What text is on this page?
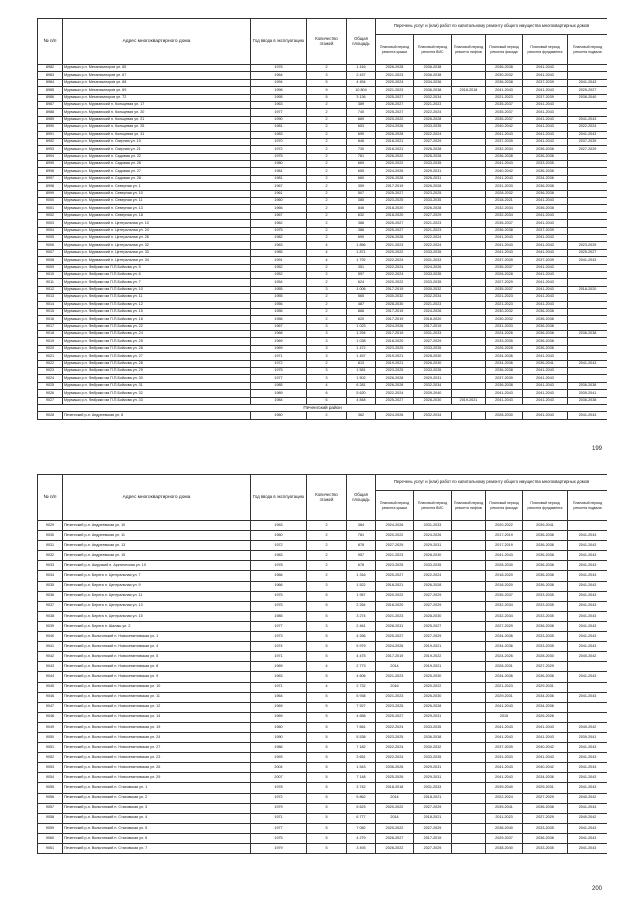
№ п/п	Адрес многоквартирного дома	Год ввода в эксплуатацию	Количество этажей	Общая площадь	Перечень услуг и (или) работ по капитальному ремонту общего имущества многоквартирных домов					
					Плановый период ремонта крыши	Плановый период ремонта ВИС	Плановый период ремонта лифтов	Плановый период ремонта фасада	Плановый период ремонта фундамента	Плановый период ремонта подвала
8982	Мурмаши р.п. Механизаторов ул. 65	1976	2	1 416	2026-2028	2036-2038		2036-2038	2041-2043	
8983	Мурмаши р.п. Механизаторов ул. 67	1964	3	2 437	2021-2023	2036-2038		2030-2032	2041-2043	
8984	Мурмаши р.п. Механизаторов ул. 68	1994	5	4 454	2020-2024	2034-2036		2036-2038	2037-2039	2041-2043
8985	Мурмаши р.п. Механизаторов ул. 69	1996	9	10 804	2021-2023	2036-2038	2018-2018	2041-2043	2041-2043	2025-2027
8986	Мурмаши р.п. Механизаторов ул. 72	1995	5	3 136	2025-2027	2032-2034		2021-2023	2037-2039	2038-2040
8987	Мурмаши р.п. Мурманский п. Кольцевая ул. 17	1963	2	389	2026-2027	2021-2023		2035-2037	2041-2043	
8988	Мурмаши р.п. Мурманский п. Кольцевая ул. 20	1977	2	740	2025-2027	2022-2024		2035-2037	2041-2043	
8989	Мурмаши р.п. Мурманский п. Кольцевая ул. 21	1990	2	669	2020-2022	2026-2028		2035-2037	2041-2043	2041-2043
8990	Мурмаши р.п. Мурманский п. Кольцевая ул. 25	1981	2	653	2024-2026	2033-2035		2040-2042	2041-2043	2022-2024
8991	Мурмаши р.п. Мурманский п. Кольцевая ул. 31	1983	2	690	2026-2028	2022-2024		2041-2043	2041-2043	2041-2043
8992	Мурмаши р.п. Мурманский п. Озерная ул. 10	1970	2	846	2018-2021	2027-2029		2037-2039	2041-2043	2037-2039
8993	Мурмаши р.п. Мурманский п. Озерная ул. 21	1972	2	730	2018-2021	2026-2028		2032-2034	2036-2038	2027-2029
8994	Мурмаши р.п. Мурманский п. Садовая ул. 22	1975	2	781	2026-2022	2026-2028		2036-2038	2036-2038	
8995	Мурмаши р.п. Мурманский п. Садовая ул. 26	1980	2	669	2020-2022	2033-2035		2041-2043	2033-2035	
8996	Мурмаши р.п. Мурманский п. Садовая ул. 27	1981	2	655	2024-2026	2029-2031		2040-2042	2036-2038	
8997	Мурмаши р.п. Мурманский п. Садовая ул. 28	1981	2	660	2026-2028	2026-2031		2041-2043	2034-2036	
8998	Мурмаши р.п. Мурманский п. Северная ул. 1	1967	2	359	2017-2019	2026-2028		2031-2033	2036-2038	
8999	Мурмаши р.п. Мурманский п. Северная ул. 10	1961	2	507	2025-2027	2023-2025		2028-2032	2036-2038	
9000	Мурмаши р.п. Мурманский п. Северная ул. 11	1960	2	385	2023-2025	2033-2035		2018-2021	2041-2043	
9001	Мурмаши р.п. Мурманский п. Северная ул. 13	1966	2	846	2018-2020	2026-2028		2032-2034	2036-2038	
9002	Мурмаши р.п. Мурманский п. Северная ул. 18	1967	2	632	2018-2020	2027-2029		2032-2034	2041-2043	
9003	Мурмаши р.п. Мурманский п. Центральная ул. 10	1962	2	388	2025-2027	2021-2023		2035-2037	2041-2043	
9004	Мурмаши р.п. Мурманский п. Центральная ул. 24	1975	2	388	2025-2027	2021-2023		2036-2038	2037-2039	
9005	Мурмаши р.п. Мурманский п. Центральная ул. 26	1982	2	690	2026-2028	2022-2024		2041-2043	2041-2043	
9006	Мурмаши р.п. Мурманский п. Центральная ул. 32	1963	4	1 856	2021-2023	2022-2024		2041-2043	2041-2043	2023-2025
9007	Мурмаши р.п. Мурманский п. Центральная ул. 33	1985	4	1 871	2020-2022	2033-2035		2041-2043	2041-2043	2025-2027
9008	Мурмаши р.п. Мурманский п. Центральная ул. 34	1991	4	1 792	2022-2024	2031-2033		2037-2039	2037-2039	2041-2043
9009	Мурмаши р.п. Фабрики им П.П.Бойкова ул. 5	1952	2	351	2022-2024	2024-2026		2035-2037	2041-2043	
9010	Мурмаши р.п. Фабрики им П.П.Бойкова ул. 6	1952	2	597	2022-2024	2033-2035		2026-2028	2041-2043	
9011	Мурмаши р.п. Фабрики им П.П.Бойкова ул. 7	1954	2	624	2020-2022	2033-2035		2027-2029	2041-2043	
9012	Мурмаши р.п. Фабрики им П.П.Бойкова ул. 10	1955	3	1 006	2017-2019	2030-2032		2035-2037	2041-2043	2018-2020
9013	Мурмаши р.п. Фабрики им П.П.Бойкова ул. 11	1955	2	565	2030-2032	2032-2034		2021-2023	2041-2043	
9014	Мурмаши р.п. Фабрики им П.П.Бойкова ул. 12	1956	2	487	2028-2030	2021-2023		2021-2023	2041-2043	
9015	Мурмаши р.п. Фабрики им П.П.Бойкова ул. 15	1956	2	868	2017-2019	2024-2026		2030-2032	2036-2038	
9016	Мурмаши р.п. Фабрики им П.П.Бойкова ул. 18	1956	2	620	2017-2019	2018-2020		2030-2032	2036-2038	
9017	Мурмаши р.п. Фабрики им П.П.Бойкова ул. 22	1967	3	1 023	2024-2026	2017-2019		2031-2033	2036-2038	
9018	Мурмаши р.п. Фабрики им П.П.Бойкова ул. 24	1968	3	1 294	2017-2019	2031-2033		2024-2026	2036-2038	2036-2038
9019	Мурмаши р.п. Фабрики им П.П.Бойкова ул. 25	1969	3	1 038	2018-2020	2027-2029		2033-2035	2036-2038	
9020	Мурмаши р.п. Фабрики им П.П.Бойкова ул. 26	1969	3	1 472	2023-2025	2033-2035		2026-2028	2036-2038	
9021	Мурмаши р.п. Фабрики им П.П.Бойкова ул. 27	1971	3	1 457	2019-2021	2028-2030		2034-2036	2041-2043	
9022	Мурмаши р.п. Фабрики им П.П.Бойкова ул. 28	1972	2	813	2019-2021	2026-2030		2034-2036	2036-2041	2041-2043
9023	Мурмаши р.п. Фабрики им П.П.Бойкова ул. 29	1975	3	1 581	2023-2025	2033-2035		2036-2038	2041-2043	
9024	Мурмаши р.п. Фабрики им П.П.Бойкова ул. 30	1977	3	1 502	2026-2028	2029-2031		2037-2039	2041-2043	
9025	Мурмаши р.п. Фабрики им П.П.Бойкова ул. 31	1985	4	6 281	2026-2028	2032-2034		2036-2038	2041-2043	2036-2038
9026	Мурмаши р.п. Фабрики им П.П.Бойкова ул. 32	1989	6	5 620	2022-2024	2039-2040		2041-2043	2041-2043	2039-2041
9027	Мурмаши р.п. Фабрики им П.П.Бойкова ул. 33	1984	6	4 848	2025-2027	2028-2030	2019-2021	2041-2043	2041-2043	2036-2038
Печенгский район										
9028	Печенгский р-н. Андреевская ул. 8	1960	2	362	2024-2026	2032-2034		2028-2030	2041-2043	2041-2043
199
№ п/п	Адрес многоквартирного дома	Год ввода в эксплуатацию	Количество этажей	Общая площадь	Перечень услуг и (или) работ по капитальному ремонту общего имущества многоквартирных домов					
					Плановый период ремонта крыши	Плановый период ремонта ВИС	Плановый период ремонта лифтов	Плановый период ремонта фасада	Плановый период ремонта фундамента	Плановый период ремонта подвала
9029	Печенгский р-н. Андреевская ул. 10	1953	2	384	2024-2026	2031-2033		2020-2022	2039-2041	
9030	Печенгский р-н. Андреевская ул. 11	1960	2	781	2020-2022	2024-2026		2017-2019	2036-2038	2041-2043
9031	Печенгский р-н. Андреевская ул. 13	1972	2	878	2027-2029	2029-2031		2017-2019	2036-2038	2041-2043
9032	Печенгский р-н. Андреевская ул. 15	1983	2	957	2021-2023	2028-2030		2041-2043	2036-2038	2041-2043
9033	Печенгский р-н. Амурский п. Арктическая ул. 10	1978	2	678	2023-2025	2033-2035		2028-2030	2036-2038	2041-2043
9034	Печенгский р-н. Берега п. Центральная ул. 7	1966	2	1 316	2025-2027	2022-2024		2018-2020	2036-2038	2041-2043
9035	Печенгский р-н. Берега п. Центральная ул. 9	1966	3	1 522	2018-2021	2026-2028		2018-2020	2036-2038	2041-2043
9036	Печенгский р-н. Берега п. Центральная ул. 11	1975	5	1 957	2020-2022	2027-2029		2035-2037	2033-2035	2041-2043
9037	Печенгский р-н. Берега п. Центральная ул. 13	1975	5	2 264	2018-2020	2027-2029		2032-2034	2033-2035	2041-2043
9038	Печенгский р-н. Берега п. Центральная ул. 15	1985	5	3 274	2021-2023	2028-2030		2032-2034	2033-2035	2041-2043
9039	Печенгский р-н. Берега п. Шалаш ул. 2	1977	3	2 461	2028-2031	2025-2027		2027-2029	2036-2038	2041-2043
9040	Печенгский р-н. Вольгинский п. Новосеменовская ул. 1	1973	5	4 266	2025-2027	2027-2029		2034-2036	2033-2035	2041-2043
9041	Печенгский р-н. Вольгинский п. Новосеменовская ул. 4	1974	5	5 979	2024-2026	2019-2021		2034-2036	2033-2035	2041-2043
9042	Печенгский р-н. Вольгинский п. Новосеменовская ул. 5	1971	5	4 475	2017-2019	2019-2022		2024-2026	2028-2030	2040-2042
9043	Печенгский р-н. Вольгинский п. Новосеменовская ул. 8	1969	4	2 773	2014	2019-2021		2028-2031	2027-2029	
9044	Печенгский р-н. Вольгинский п. Новосеменовская ул. 9	1963	5	4 606	2021-2023	2025-2030		2034-2036	2036-2038	2041-2043
9045	Печенгский р-н. Вольгинский п. Новосеменовская ул. 10	1971	4	2 732	2016	2020-2022		2021-2023	2029-2031	
9046	Печенгский р-н. Вольгинский п. Новосеменовская ул. 11	1964	5	5 938	2021-2023	2026-2030		2029-2031	2034-2036	2041-2043
9047	Печенгский р-н. Вольгинский п. Новосеменовская ул. 12	1969	5	7 927	2023-2025	2026-2028		2041-2043	2034-2036	
9048	Печенгский р-н. Вольгинский п. Новосеменовская ул. 14	1969	5	4 658	2025-2027	2029-2031		2015	2026-2028	
9049	Печенгский р-н. Вольгинский п. Новосеменовская ул. 19	1960	5	7 661	2022-2024	2033-2035		2041-2043	2041-2043	2040-2042
9050	Печенгский р-н. Вольгинский п. Новосеменовская ул. 24	1990	5	5 538	2023-2025	2036-2038		2041-2043	2041-2043	2039-2041
9051	Печенгский р-н. Вольгинский п. Новосеменовская ул. 27	1986	5	7 182	2022-2024	2030-2032		2037-2039	2040-2042	2041-2043
9052	Печенгский р-н. Вольгинский п. Новосеменовская ул. 23	1993	5	3 651	2022-2024	2033-2035		2031-2033	2041-2043	2041-2043
9053	Печенгский р-н. Вольгинский п. Новосеменовская ул. 26	2004	5	1 543	2036-2026	2029-2031		2041-2043	2040-2042	2041-2043
9054	Печенгский р-н. Вольгинский п. Новосеменовская ул. 29	2007	5	7 148	2025-2026	2029-2031		2041-2043	2034-2036	2041-2043
9055	Печенгский р-н. Вольгинский п. Стаховская ул. 1	1978	5	3 742	2018-2018	2031-2033		2039-2040	2029-2031	2041-2043
9056	Печенгский р-н. Вольгинский п. Стаховская ул. 2	1972	5	5 862	2014	2018-2021		2022-2024	2027-2029	2040-2042
9057	Печенгский р-н. Вольгинский п. Стаховская ул. 3	1979	5	5 623	2020-2022	2027-2029		2039-2041	2036-2038	2041-2043
9058	Печенгский р-н. Вольгинский п. Стаховская ул. 4	1971	5	6 777	2014	2018-2021		2011-2023	2027-2029	2040-2042
9059	Печенгский р-н. Вольгинский п. Стаховская ул. 5	1977	5	7 082	2020-2022	2027-2029		2038-2040	2033-2035	2041-2043
9060	Печенгский р-н. Вольгинский п. Стаховская ул. 6	1975	5	4 279	2026-2027	2017-2019		2029-2037	2036-2038	2041-2043
9061	Печенгский р-н. Вольгинский п. Стаховская ул. 7	1979	5	3 493	2026-2022	2027-2029		2038-2040	2033-2035	2041-2043
200
